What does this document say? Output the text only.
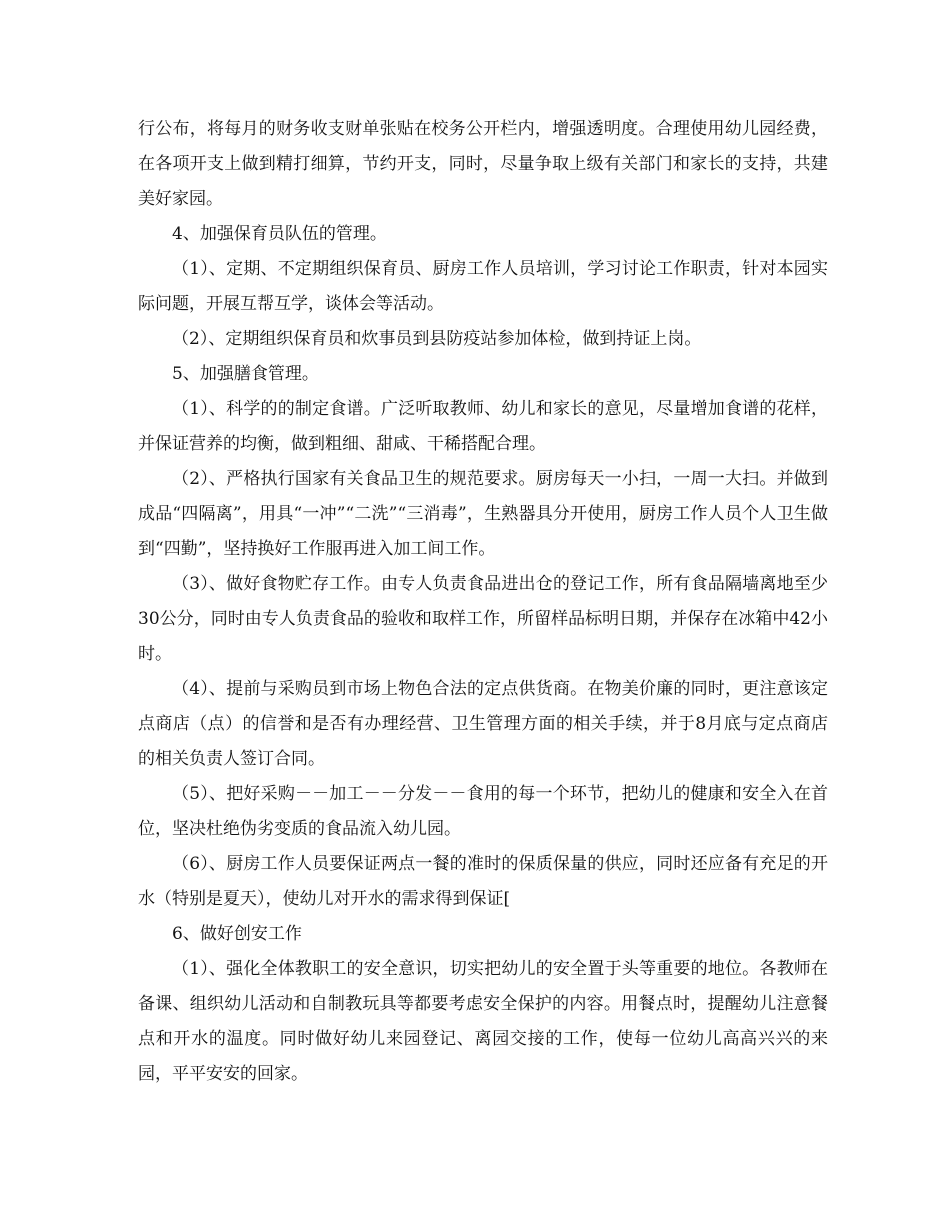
行公布，将每月的财务收支财单张贴在校务公开栏内，增强透明度。合理使用幼儿园经费，在各项开支上做到精打细算，节约开支，同时，尽量争取上级有关部门和家长的支持，共建美好家园。

4、加强保育员队伍的管理。

（1）、定期、不定期组织保育员、厨房工作人员培训，学习讨论工作职责，针对本园实际问题，开展互帮互学，谈体会等活动。

（2）、定期组织保育员和炊事员到县防疫站参加体检，做到持证上岗。

5、加强膳食管理。

（1）、科学的的制定食谱。广泛听取教师、幼儿和家长的意见，尽量增加食谱的花样，并保证营养的均衡，做到粗细、甜咸、干稀搭配合理。

（2）、严格执行国家有关食品卫生的规范要求。厨房每天一小扫，一周一大扫。并做到成品“四隔离”，用具“一冲”“二洗”“三消毒”，生熟器具分开使用，厨房工作人员个人卫生做到“四勤”，坚持换好工作服再进入加工间工作。

（3）、做好食物贮存工作。由专人负责食品进出仓的登记工作，所有食品隔墙离地至少30公分，同时由专人负责食品的验收和取样工作，所留样品标明日期，并保存在冰箱中42小时。

（4）、提前与采购员到市场上物色合法的定点供货商。在物美价廉的同时，更注意该定点商店（点）的信誉和是否有办理经营、卫生管理方面的相关手续，并于8月底与定点商店的相关负责人签订合同。

（5）、把好采购－－加工－－分发－－食用的每一个环节，把幼儿的健康和安全入在首位，坚决杜绝伪劣变质的食品流入幼儿园。

（6）、厨房工作人员要保证两点一餐的准时的保质保量的供应，同时还应备有充足的开水（特别是夏天），使幼儿对开水的需求得到保证[

6、做好创安工作

（1）、强化全体教职工的安全意识，切实把幼儿的安全置于头等重要的地位。各教师在备课、组织幼儿活动和自制教玩具等都要考虑安全保护的内容。用餐点时，提醒幼儿注意餐点和开水的温度。同时做好幼儿来园登记、离园交接的工作，使每一位幼儿高高兴兴的来园，平平安安的回家。
